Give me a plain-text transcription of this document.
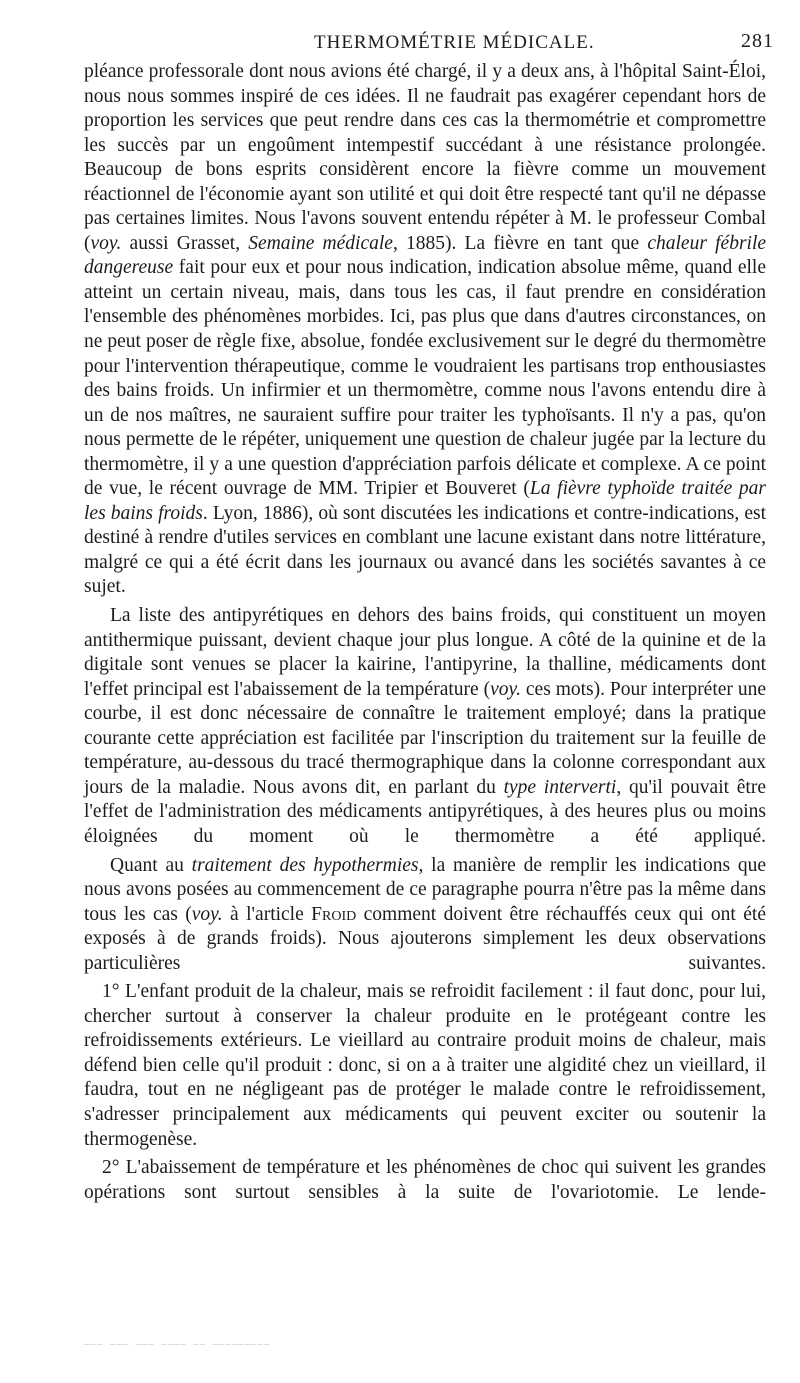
THERMOMÉTRIE MÉDICALE.	281

pléance professorale dont nous avions été chargé, il y a deux ans, à l'hôpital Saint-Éloi, nous nous sommes inspiré de ces idées. Il ne faudrait pas exagérer cependant hors de proportion les services que peut rendre dans ces cas la thermométrie et compromettre les succès par un engoûment intempestif succédant à une résistance prolongée. Beaucoup de bons esprits considèrent encore la fièvre comme un mouvement réactionnel de l'économie ayant son utilité et qui doit être respecté tant qu'il ne dépasse pas certaines limites. Nous l'avons souvent entendu répéter à M. le professeur Combal (voy. aussi Grasset, Semaine médicale, 1885). La fièvre en tant que chaleur fébrile dangereuse fait pour eux et pour nous indication, indication absolue même, quand elle atteint un certain niveau, mais, dans tous les cas, il faut prendre en considération l'ensemble des phénomènes morbides. Ici, pas plus que dans d'autres circonstances, on ne peut poser de règle fixe, absolue, fondée exclusivement sur le degré du thermomètre pour l'intervention thérapeutique, comme le voudraient les partisans trop enthousiastes des bains froids. Un infirmier et un thermomètre, comme nous l'avons entendu dire à un de nos maîtres, ne sauraient suffire pour traiter les typhoïsants. Il n'y a pas, qu'on nous permette de le répéter, uniquement une question de chaleur jugée par la lecture du thermomètre, il y a une question d'appréciation parfois délicate et complexe. A ce point de vue, le récent ouvrage de MM. Tripier et Bouveret (La fièvre typhoïde traitée par les bains froids. Lyon, 1886), où sont discutées les indications et contre-indications, est destiné à rendre d'utiles services en comblant une lacune existant dans notre littérature, malgré ce qui a été écrit dans les journaux ou avancé dans les sociétés savantes à ce sujet.

La liste des antipyrétiques en dehors des bains froids, qui constituent un moyen antithermique puissant, devient chaque jour plus longue. A côté de la quinine et de la digitale sont venues se placer la kairine, l'antipyrine, la thalline, médicaments dont l'effet principal est l'abaissement de la température (voy. ces mots). Pour interpréter une courbe, il est donc nécessaire de connaître le traitement employé; dans la pratique courante cette appréciation est facilitée par l'inscription du traitement sur la feuille de température, au-dessous du tracé thermographique dans la colonne correspondant aux jours de la maladie. Nous avons dit, en parlant du type interverti, qu'il pouvait être l'effet de l'administration des médicaments antipyrétiques, à des heures plus ou moins éloignées du moment où le thermomètre a été appliqué.

Quant au traitement des hypothermies, la manière de remplir les indications que nous avons posées au commencement de ce paragraphe pourra n'être pas la même dans tous les cas (voy. à l'article Froid comment doivent être réchauffés ceux qui ont été exposés à de grands froids). Nous ajouterons simplement les deux observations particulières suivantes.

1° L'enfant produit de la chaleur, mais se refroidit facilement : il faut donc, pour lui, chercher surtout à conserver la chaleur produite en le protégeant contre les refroidissements extérieurs. Le vieillard au contraire produit moins de chaleur, mais défend bien celle qu'il produit : donc, si on a à traiter une algidité chez un vieillard, il faudra, tout en ne négligeant pas de protéger le malade contre le refroidissement, s'adresser principalement aux médicaments qui peuvent exciter ou soutenir la thermogenèse.

2° L'abaissement de température et les phénomènes de choc qui suivent les grandes opérations sont surtout sensibles à la suite de l'ovariotomie. Le lende-

——— ——— ——— ———— —— —————————
